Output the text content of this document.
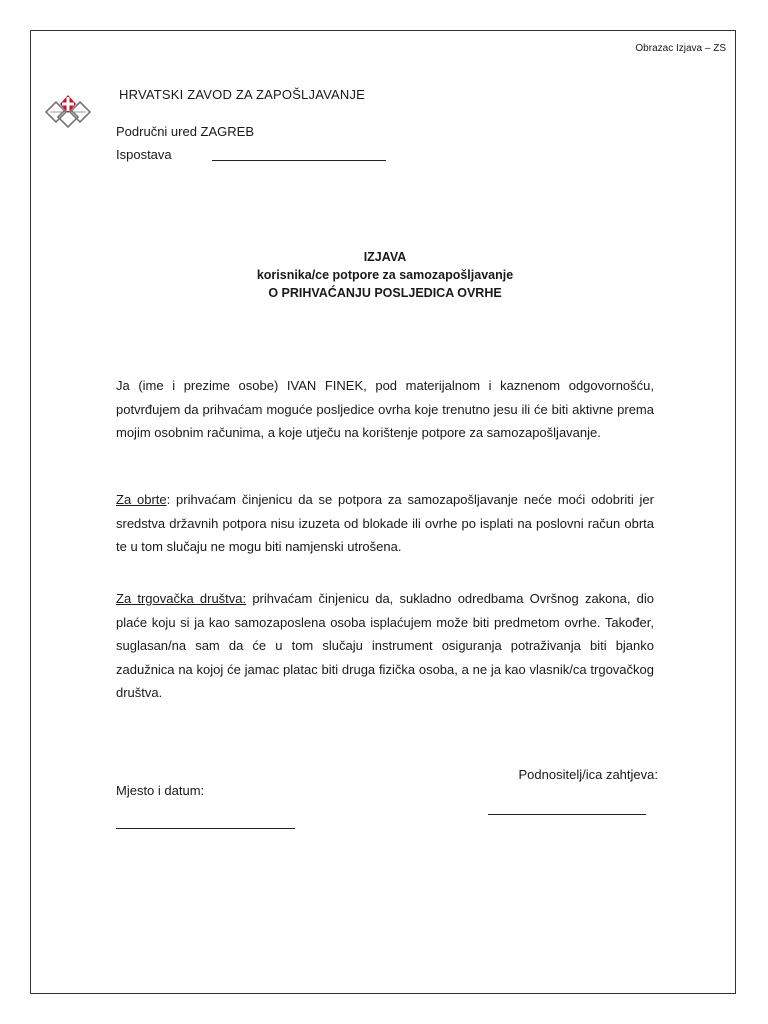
Obrazac Izjava – ZS
HRVATSKI ZAVOD ZA ZAPOŠLJAVANJE
Područni ured ZAGREB
Ispostava
IZJAVA
korisnika/ce potpore za samozapošljavanje
O PRIHVAĆANJU POSLJEDICA OVRHE
Ja (ime i prezime osobe) IVAN FINEK, pod materijalnom i kaznenom odgovornošću, potvrđujem da prihvaćam moguće posljedice ovrha koje trenutno jesu ili će biti aktivne prema mojim osobnim računima, a koje utječu na korištenje potpore za samozapošljavanje.
Za obrte: prihvaćam činjenicu da se potpora za samozapošljavanje neće moći odobriti jer sredstva državnih potpora nisu izuzeta od blokade ili ovrhe po isplati na poslovni račun obrta te u tom slučaju ne mogu biti namjenski utrošena.
Za trgovačka društva: prihvaćam činjenicu da, sukladno odredbama Ovršnog zakona, dio plaće koju si ja kao samozaposlena osoba isplaćujem može biti predmetom ovrhe. Također, suglasan/na sam da će u tom slučaju instrument osiguranja potraživanja biti bjanko zadužnica na kojoj će jamac platac biti druga fizička osoba, a ne ja kao vlasnik/ca trgovačkog društva.
Podnositelj/ica zahtjeva:
Mjesto i datum:
